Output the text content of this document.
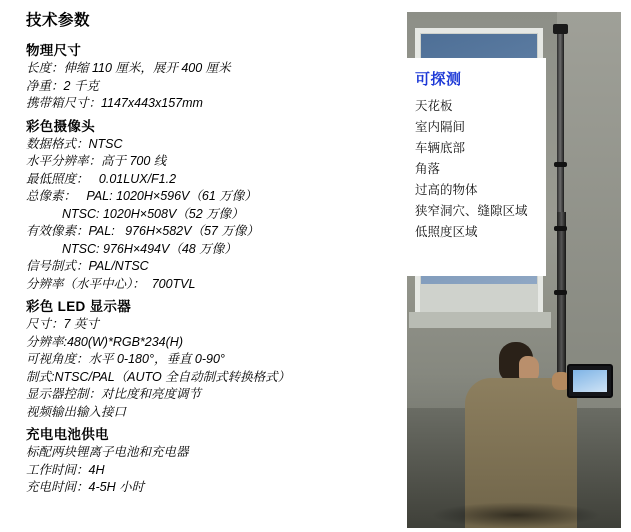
技术参数
物理尺寸
长度：伸缩 110 厘米，展开 400 厘米
净重：2 千克
携带箱尺寸：1147x443x157mm
彩色摄像头
数据格式：NTSC
水平分辨率：高于 700 线
最低照度：   0.01LUX/F1.2
总像素：   PAL: 1020H×596V（61 万像）
NTSC: 1020H×508V（52 万像）
有效像素：PAL:   976H×582V（57 万像）
NTSC: 976H×494V（48 万像）
信号制式：PAL/NTSC
分辨率（水平中心）：  700TVL
彩色 LED 显示器
尺寸：7 英寸
分辨率:480(W)*RGB*234(H)
可视角度：水平 0-180°，垂直 0-90°
制式:NTSC/PAL（AUTO 全自动制式转换格式）
显示器控制：对比度和亮度调节
视频输出输入接口
充电电池供电
标配两块锂离子电池和充电器
工作时间：4H
充电时间：4-5H 小时
可探测
天花板
室内隔间
车辆底部
角落
过高的物体
狭窄洞穴、缝隙区域
低照度区域
